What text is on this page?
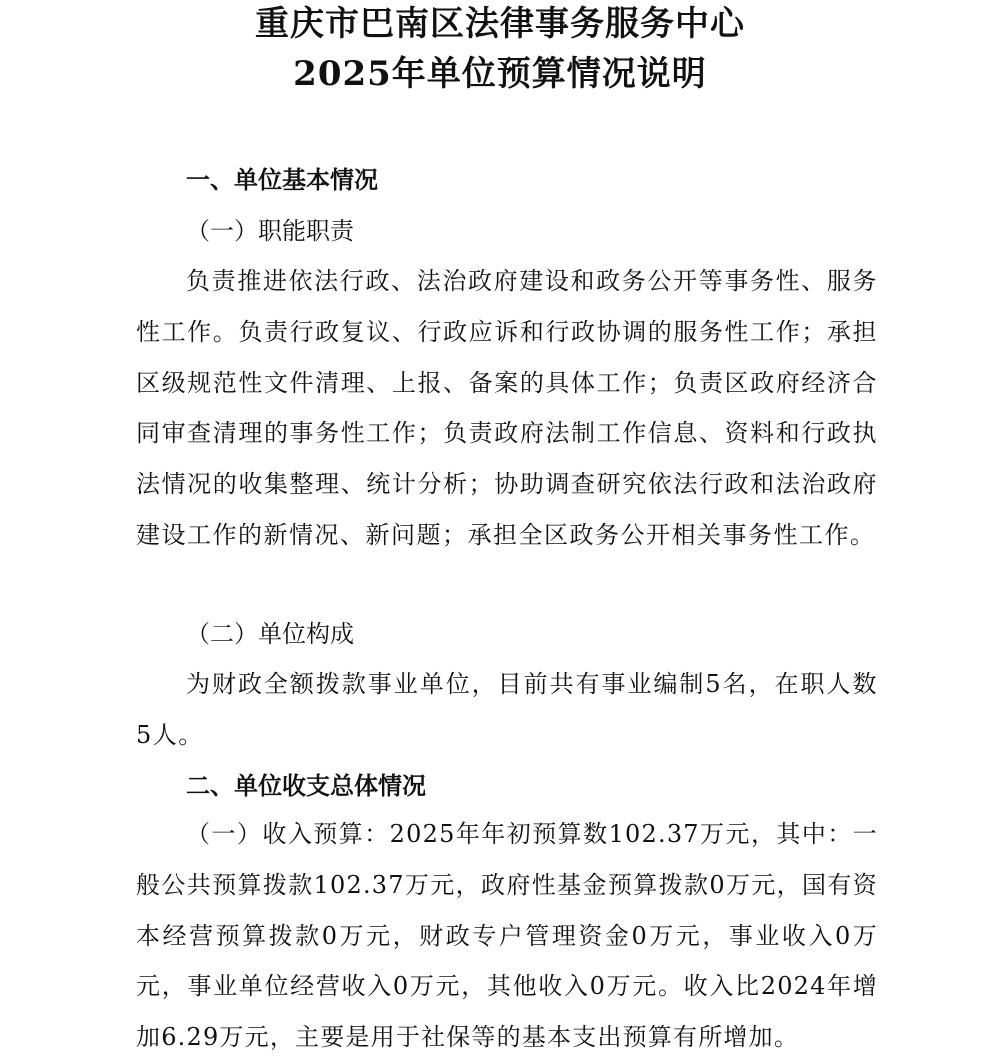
重庆市巴南区法律事务服务中心
2025年单位预算情况说明
一、单位基本情况
（一）职能职责

负责推进依法行政、法治政府建设和政务公开等事务性、服务性工作。负责行政复议、行政应诉和行政协调的服务性工作；承担区级规范性文件清理、上报、备案的具体工作；负责区政府经济合同审查清理的事务性工作；负责政府法制工作信息、资料和行政执法情况的收集整理、统计分析；协助调查研究依法行政和法治政府建设工作的新情况、新问题；承担全区政务公开相关事务性工作。

（二）单位构成

为财政全额拨款事业单位，目前共有事业编制5名，在职人数5人。

二、单位收支总体情况

（一）收入预算：2025年年初预算数102.37万元，其中：一般公共预算拨款102.37万元，政府性基金预算拨款0万元，国有资本经营预算拨款0万元，财政专户管理资金0万元，事业收入0万元，事业单位经营收入0万元，其他收入0万元。收入比2024年增加6.29万元，主要是用于社保等的基本支出预算有所增加。
